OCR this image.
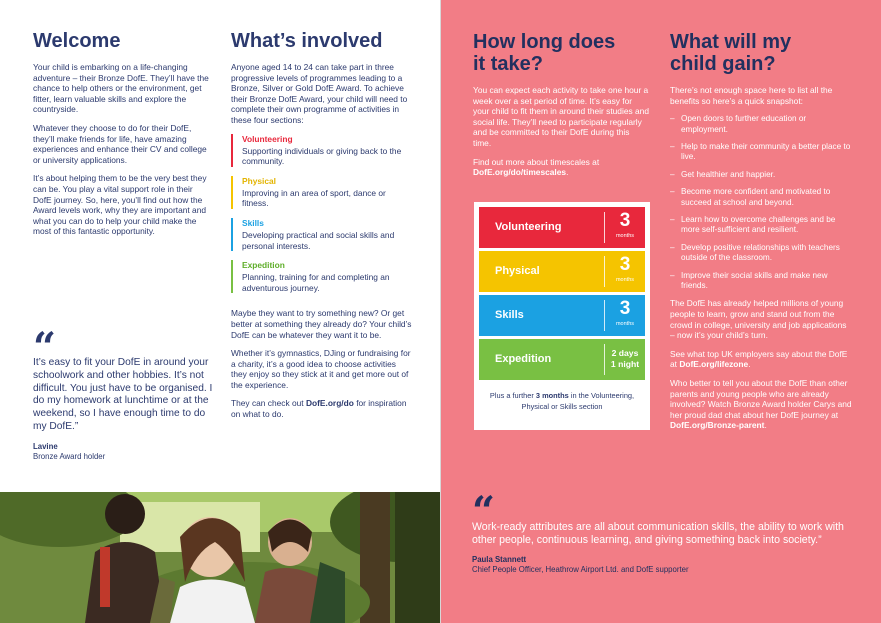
Welcome

Your child is embarking on a life-changing adventure – their Bronze DofE. They’ll have the chance to help others or the environment, get fitter, learn valuable skills and explore the countryside.

Whatever they choose to do for their DofE, they’ll make friends for life, have amazing experiences and enhance their CV and college or university applications.

It’s about helping them to be the very best they can be. You play a vital support role in their DofE journey. So, here, you’ll find out how the Award levels work, why they are important and what you can do to help your child make the most of this fantastic opportunity.

“
It’s easy to fit your DofE in around your schoolwork and other hobbies. It’s not difficult. You just have to be organised. I do my homework at lunchtime or at the weekend, so I have enough time to do my DofE.”
Lavine
Bronze Award holder
What’s involved

Anyone aged 14 to 24 can take part in three progressive levels of programmes leading to a Bronze, Silver or Gold DofE Award. To achieve their Bronze DofE Award, your child will need to complete their own programme of activities in these four sections:

Volunteering

Supporting individuals or giving back to the community.

Physical

Improving in an area of sport, dance or fitness.

Skills

Developing practical and social skills and personal interests.

Expedition

Planning, training for and completing an adventurous journey.

Maybe they want to try something new? Or get better at something they already do? Your child’s DofE can be whatever they want it to be.

Whether it’s gymnastics, DJing or fundraising for a charity, it’s a good idea to choose activities they enjoy so they stick at it and get more out of the experience.

They can check out DofE.org/do for inspiration on what to do.

How long does
it take?

You can expect each activity to take one hour a week over a set period of time. It’s easy for your child to fit them in around their studies and social life. They’ll need to participate regularly and be committed to their DofE during this time.

Find out more about timescales at DofE.org/do/timescales.

What will my
child gain?

There’s not enough space here to list all the benefits so here’s a quick snapshot:

– Open doors to further education or employment.
– Help to make their community a better place to live.
– Get healthier and happier.
– Become more confident and motivated to succeed at school and beyond.
– Learn how to overcome challenges and be more self-sufficient and resilient.
– Develop positive relationships with teachers outside of the classroom.
– Improve their social skills and make new friends.

The DofE has already helped millions of young people to learn, grow and stand out from the crowd in college, university and job applications – now it’s your child’s turn.

See what top UK employers say about the DofE at DofE.org/lifezone.

Who better to tell you about the DofE than other parents and young people who are already involved? Watch Bronze Award holder Carys and her proud dad chat about her DofE journey at DofE.org/Bronze-parent.

“
Work-ready attributes are all about communication skills, the ability to work with other people, continuous learning, and giving something back into society.”
Paula Stannett
Chief People Officer, Heathrow Airport Ltd. and DofE supporter
Volunteering	3
months
Physical	3
months
Skills	3
months
Expedition	2 days
1 night
Plus a further 3 months in the Volunteering, Physical or Skills section
